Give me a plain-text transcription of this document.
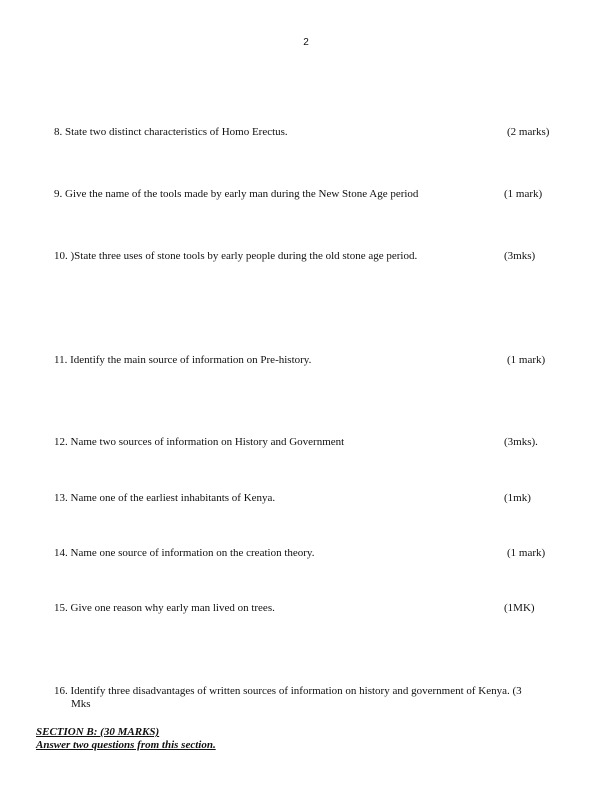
2
8. State two distinct characteristics of Homo Erectus.	(2 marks)
9. Give the name of the tools made by early man during the New Stone Age period	(1 mark)
10. )State three uses of stone tools by early people during the old stone age period.	(3mks)
11. Identify the main source of information on Pre-history.	(1 mark)
12. Name two sources of information on History and Government	(3mks).
13. Name one of the earliest inhabitants of Kenya.	(1mk)
14. Name one source of information on the creation theory.	(1 mark)
15. Give one reason why early man lived on trees.	(1MK)
16. Identify three disadvantages of written sources of information on history and government of Kenya. (3
Mks
SECTION B: (30 MARKS)
Answer two questions from this section.
